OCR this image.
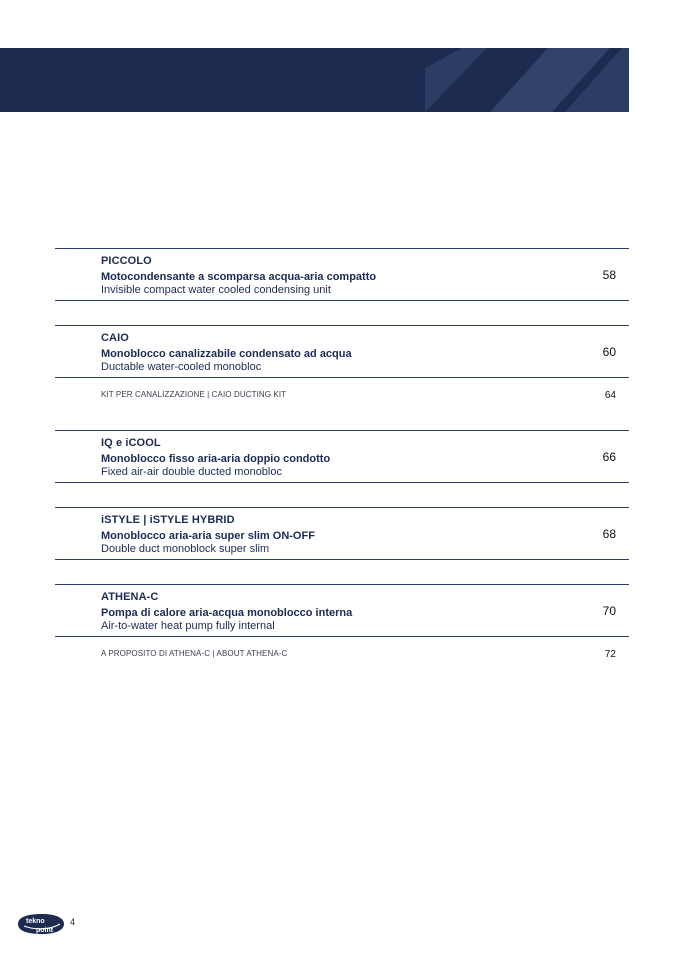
PICCOLO
Motocondensante a scomparsa acqua-aria compatto
Invisible compact water cooled condensing unit
58
CAIO
Monoblocco canalizzabile condensato ad acqua
Ductable water-cooled monobloc
60
KIT PER CANALIZZAZIONE | CAIO DUCTING KIT	64
IQ e iCOOL
Monoblocco fisso aria-aria doppio condotto
Fixed air-air double ducted monobloc
66
iSTYLE | iSTYLE HYBRID
Monoblocco aria-aria super slim ON-OFF
Double duct monoblock super slim
68
ATHENA-C
Pompa di calore aria-acqua monoblocco interna
Air-to-water heat pump fully internal
70
A PROPOSITO DI ATHENA-C | ABOUT ATHENA-C	72
tekno
point
4
